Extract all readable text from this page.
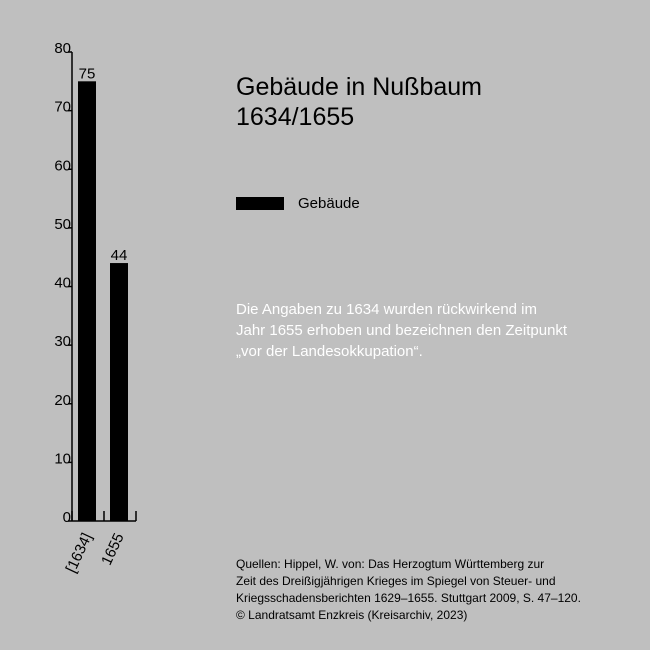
0
10
20
30
40
50
60
70
80
75
[1634]
44
1655
Gebäude in Nußbaum
1634/1655
Gebäude
Die Angaben zu 1634 wurden rückwirkend im
Jahr 1655 erhoben und bezeichnen den Zeitpunkt
„vor der Landesokkupation“.
Quellen: Hippel, W. von: Das Herzogtum Württemberg zur
Zeit des Dreißigjährigen Krieges im Spiegel von Steuer- und
Kriegsschadensberichten 1629–1655. Stuttgart 2009, S. 47–120.
© Landratsamt Enzkreis (Kreisarchiv, 2023)
